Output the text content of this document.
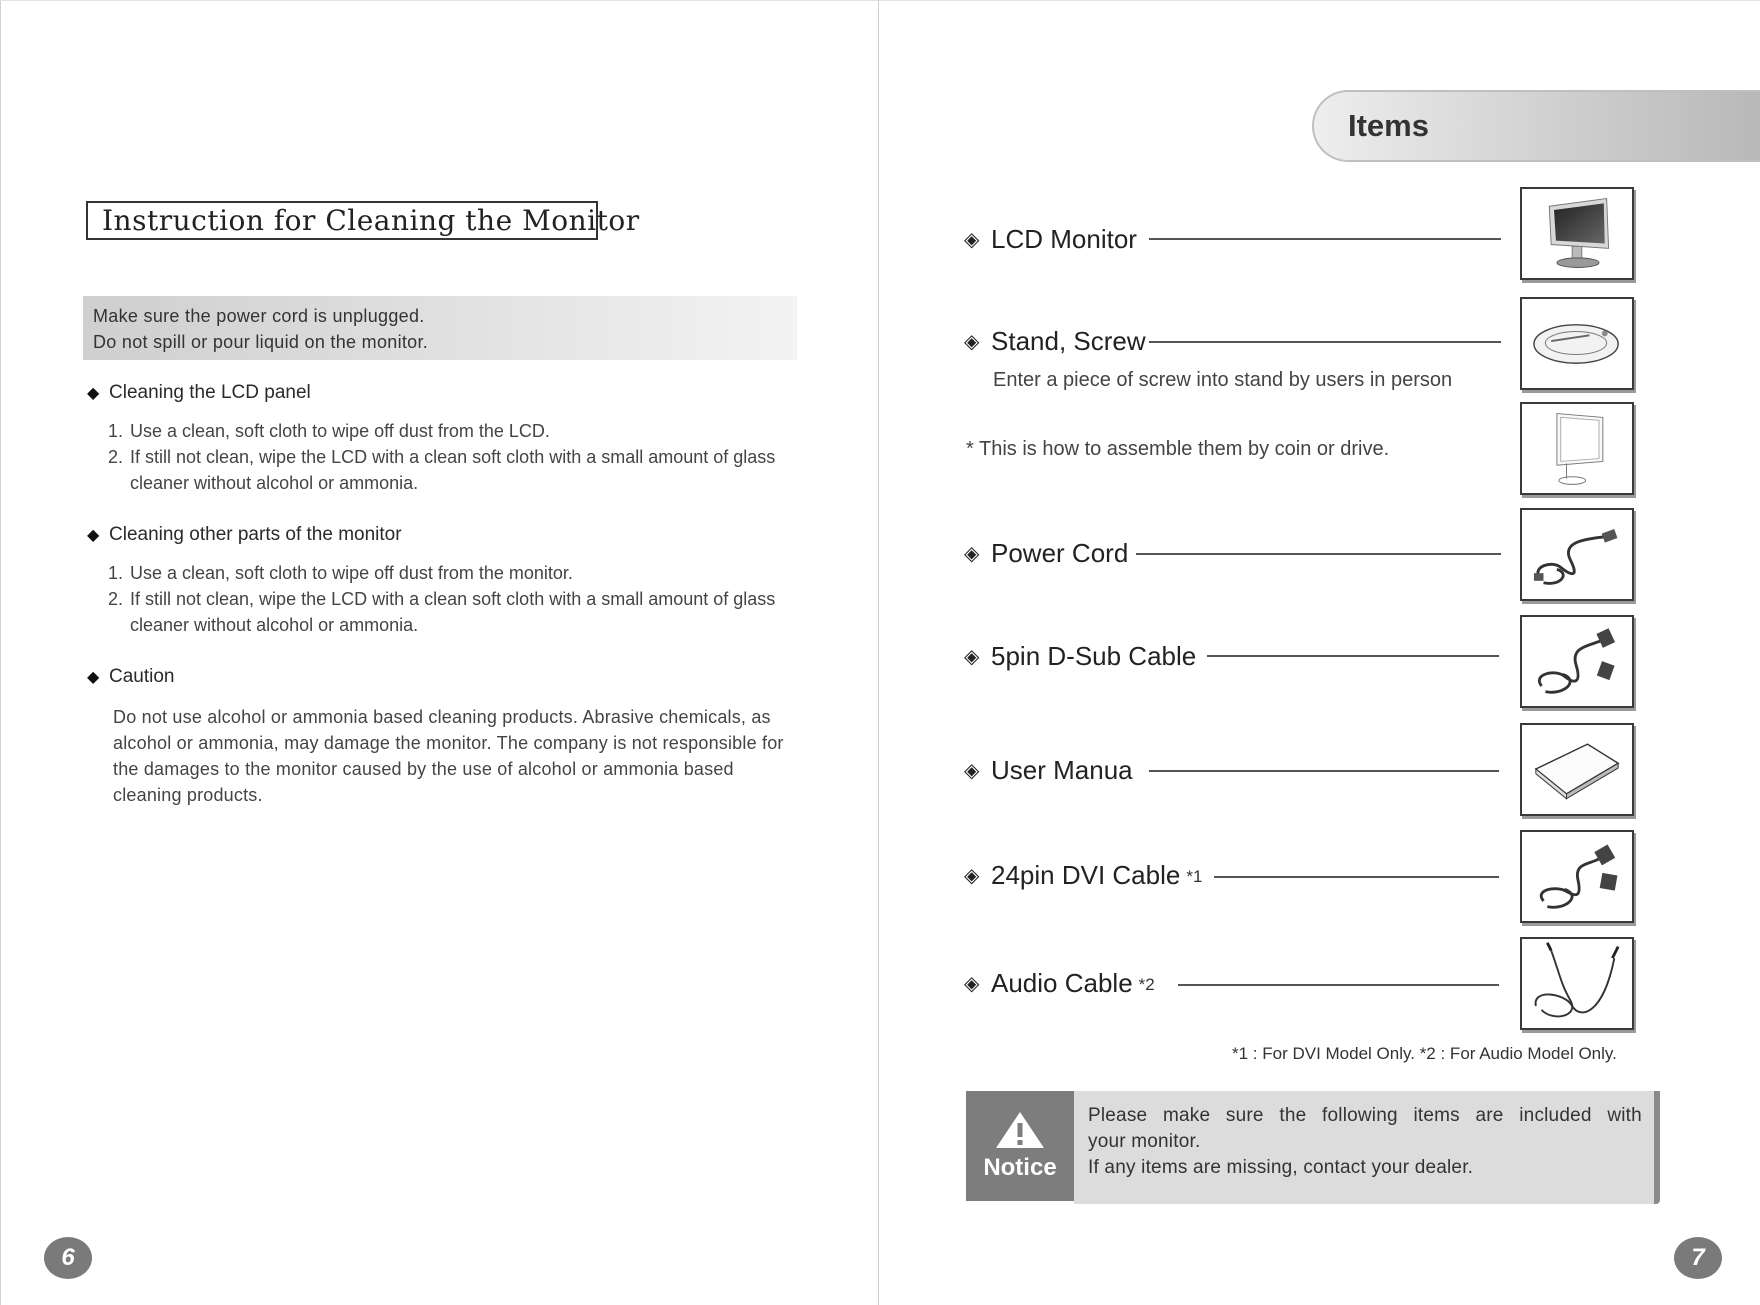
Instruction for Cleaning the Monitor
Make sure the power cord is unplugged.
Do not spill or pour liquid on the monitor.
◆ Cleaning the LCD panel
1. Use a clean, soft cloth to wipe off dust from the LCD.
2. If still not clean, wipe the LCD with a clean soft cloth with a small amount of glass cleaner without alcohol or ammonia.
◆ Cleaning other parts of the monitor
1. Use a clean, soft cloth to wipe off dust from the monitor.
2. If still not clean, wipe the LCD with a clean soft cloth with a small amount of glass cleaner without alcohol or ammonia.
◆ Caution
Do not use alcohol or ammonia based cleaning products. Abrasive chemicals, as alcohol or ammonia, may damage the monitor. The company is not responsible for the damages to the monitor caused by the use of alcohol or ammonia based cleaning products.
6
Items
◈ LCD Monitor
◈ Stand, Screw
Enter a piece of screw into stand by users in person
* This is how to assemble them by coin or drive.
◈ Power Cord
◈ 5pin D-Sub Cable
◈ User Manua
◈ 24pin DVI Cable *1
◈ Audio Cable *2
*1 : For DVI Model Only. *2 : For Audio Model Only.
Notice
Please make sure the following items are included with
your monitor.
If any items are missing, contact your dealer.
7
